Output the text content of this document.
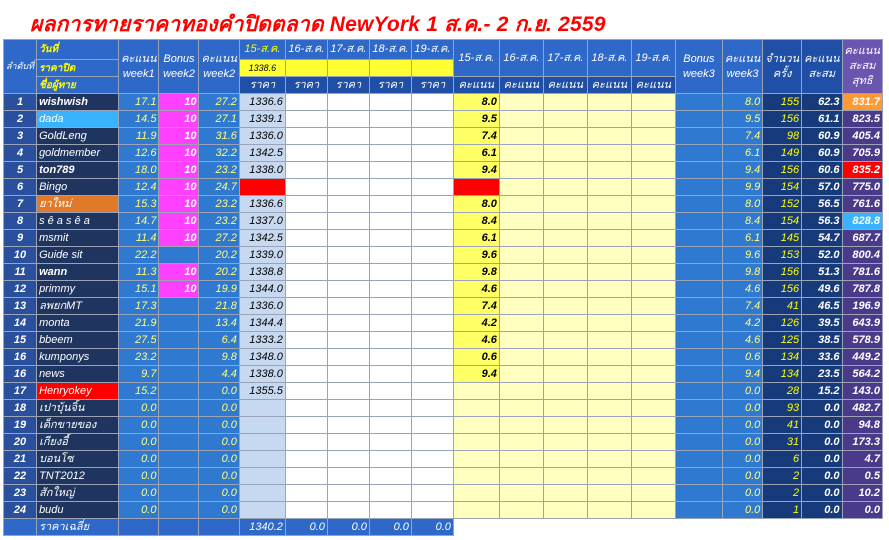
ผลการทายราคาทองคำปิดตลาด NewYork 1 ส.ค.- 2 ก.ย. 2559
ลำดับที่	วันที่	คะแนน week1	Bonus week2	คะแนน week2	15-ส.ค.	16-ส.ค.	17-ส.ค.	18-ส.ค.	19-ส.ค.	15-ส.ค.	16-ส.ค.	17-ส.ค.	18-ส.ค.	19-ส.ค.	Bonus week3	คะแนน week3	จำนวน ครั้ง	คะแนน สะสม	คะแนน สะสม สุทธิ
	ราคาปิด				1338.6														
	ชื่อผู้ทาย				ราคา	ราคา	ราคา	ราคา	ราคา	คะแนน	คะแนน	คะแนน	คะแนน	คะแนน					
1	wishwish	17.1	10	27.2	1336.6					8.0						8.0	155	62.3	831.7
2	dada	14.5	10	27.1	1339.1					9.5						9.5	156	61.1	823.5
3	GoldLeng	11.9	10	31.6	1336.0					7.4						7.4	98	60.9	405.4
4	goldmember	12.6	10	32.2	1342.5					6.1						6.1	149	60.9	705.9
5	ton789	18.0	10	23.2	1338.0					9.4						9.4	156	60.6	835.2
6	Bingo	12.4	10	24.7	1338.7					9.9						9.9	154	57.0	775.0
7	ยาใหม่	15.3	10	23.2	1336.6					8.0						8.0	152	56.5	761.6
8	s ê a s ê a	14.7	10	23.2	1337.0					8.4						8.4	154	56.3	828.8
9	msmit	11.4	10	27.2	1342.5					6.1						6.1	145	54.7	687.7
10	Guide sit	22.2		20.2	1339.0					9.6						9.6	153	52.0	800.4
11	wann	11.3	10	20.2	1338.8					9.8						9.8	156	51.3	781.6
12	primmy	15.1	10	19.9	1344.0					4.6						4.6	156	49.6	787.8
13	ลพยกMT	17.3		21.8	1336.0					7.4						7.4	41	46.5	196.9
14	monta	21.9		13.4	1344.4					4.2						4.2	126	39.5	643.9
15	bbeem	27.5		6.4	1333.2					4.6						4.6	125	38.5	578.9
16	kumponys	23.2		9.8	1348.0					0.6						0.6	134	33.6	449.2
16	news	9.7		4.4	1338.0					9.4						9.4	134	23.5	564.2
17	Henryokey	15.2		0.0	1355.5											0.0	28	15.2	143.0
18	เปาบุ้นจิ้น	0.0		0.0												0.0	93	0.0	482.7
19	เด็กขายของ	0.0		0.0												0.0	41	0.0	94.8
20	เกียงอี้	0.0		0.0												0.0	31	0.0	173.3
21	บอนโซ	0.0		0.0												0.0	6	0.0	4.7
22	TNT2012	0.0		0.0												0.0	2	0.0	0.5
23	สักใหญ่	0.0		0.0												0.0	2	0.0	10.2
24	budu	0.0		0.0												0.0	1	0.0	0.0
	ราคาเฉลี่ย				1340.2	0.0	0.0	0.0	0.0										
